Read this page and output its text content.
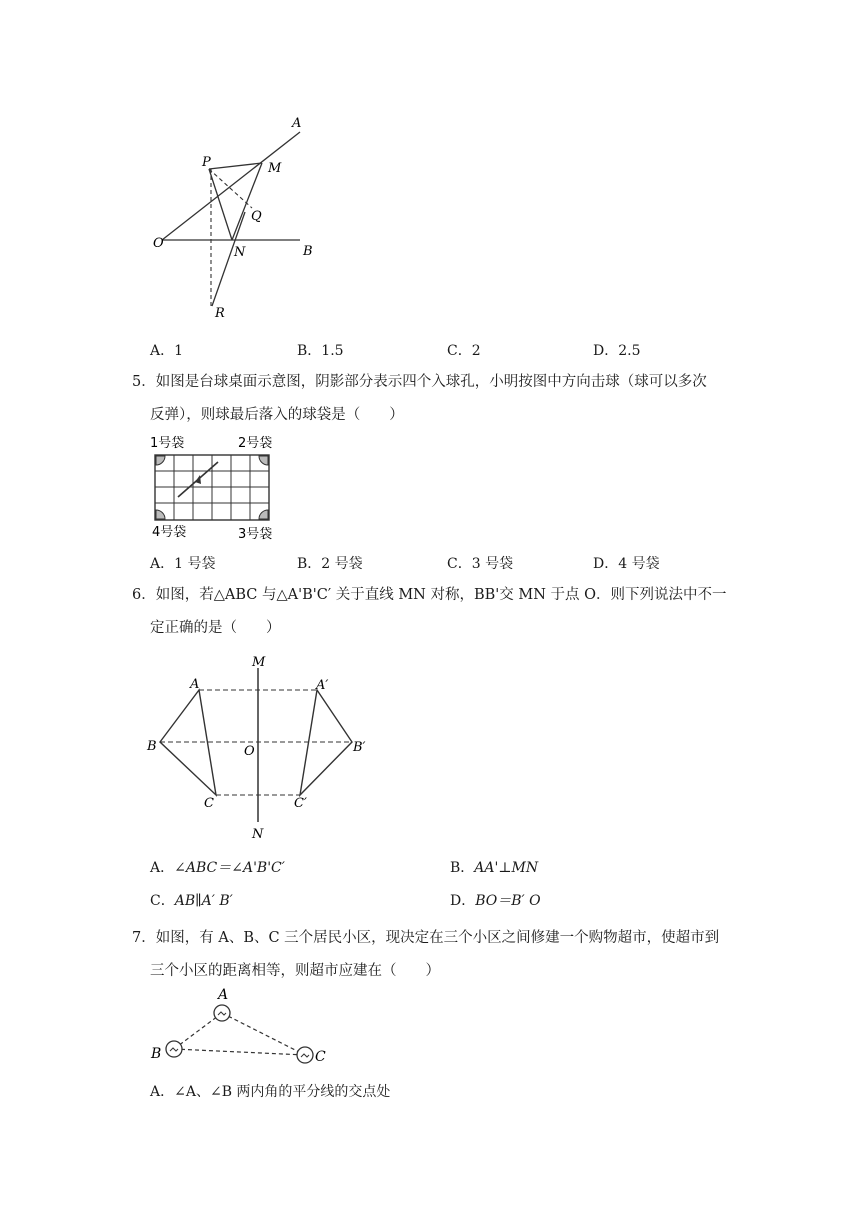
A
P	M
Q
O
N	B
R
A．1	B．1.5	C．2	D．2.5
5．如图是台球桌面示意图，阴影部分表示四个入球孔，小明按图中方向击球（球可以多次
反弹），则球最后落入的球袋是（　　）
1号袋	2号袋
4号袋	3号袋
A．1 号袋	B．2 号袋	C．3 号袋	D．4 号袋
6．如图，若△ABC 与△A'B'C′ 关于直线 MN 对称，BB'交 MN 于点 O．则下列说法中不一
定正确的是（　　）
M
A	A′
B	O	B′
C	C′
N
A．∠ABC＝∠A'B'C′	B．AA'⊥MN
C．AB∥A′ B′	D．BO＝B′ O
7．如图，有 A、B、C 三个居民小区，现决定在三个小区之间修建一个购物超市，使超市到
三个小区的距离相等，则超市应建在（　　）
A
B	C
A．∠A、∠B 两内角的平分线的交点处
